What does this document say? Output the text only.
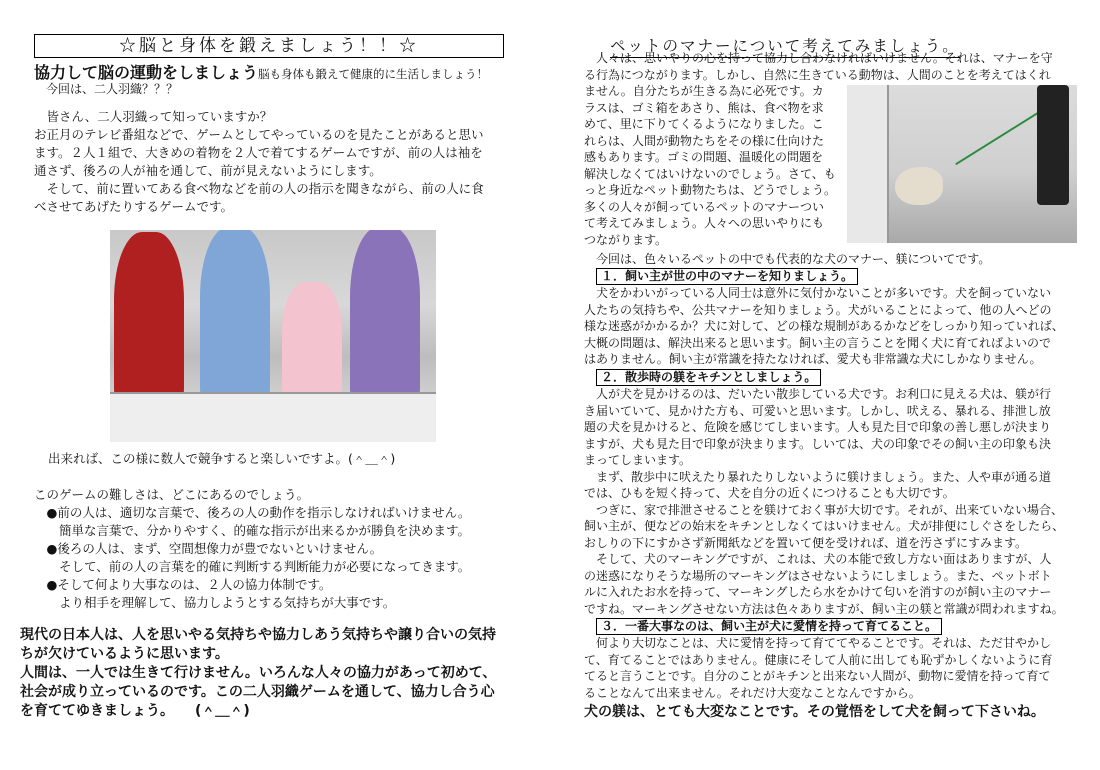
☆脳と身体を鍛えましょう！！☆
協力して脳の運動をしましょう脳も身体も鍛えて健康的に生活しましょう！
今回は、二人羽織？？？
　皆さん、二人羽織って知っていますか？
お正月のテレビ番組などで、ゲームとしてやっているのを見たことがあると思い
ます。２人１組で、大きめの着物を２人で着てするゲームですが、前の人は袖を
通さず、後ろの人が袖を通して、前が見えないようにします。
　そして、前に置いてある食べ物などを前の人の指示を聞きながら、前の人に食
べさせてあげたりするゲームです。
出来れば、この様に数人で競争すると楽しいですよ。(＾＿＾)
このゲームの難しさは、どこにあるのでしょう。
　●前の人は、適切な言葉で、後ろの人の動作を指示しなければいけません。
　　簡単な言葉で、分かりやすく、的確な指示が出来るかが勝負を決めます。
　●後ろの人は、まず、空間想像力が豊でないといけません。
　　そして、前の人の言葉を的確に判断する判断能力が必要になってきます。
　●そして何より大事なのは、２人の協力体制です。
　　より相手を理解して、協力しようとする気持ちが大事です。
現代の日本人は、人を思いやる気持ちや協力しあう気持ちや譲り合いの気持
ちが欠けているように思います。
人間は、一人では生きて行けません。いろんな人々の協力があって初めて、
社会が成り立っているのです。この二人羽織ゲームを通して、協力し合う心
を育ててゆきましょう。　　(＾＿＾)
ペットのマナーについて考えてみましょう。
　人々は、思いやりの心を持って協力し合わなければいけません。それは、マナーを守
る行為につながります。しかし、自然に生きている動物は、人間のことを考えてはくれ
ません。自分たちが生きる為に必死です。カ
ラスは、ゴミ箱をあさり、熊は、食べ物を求
めて、里に下りてくるようになりました。こ
れらは、人間が動物たちをその様に仕向けた
感もあります。ゴミの問題、温暖化の問題を
解決しなくてはいけないのでしょう。さて、も
っと身近なペット動物たちは、どうでしょう。
多くの人々が飼っているペットのマナーつい
て考えてみましょう。人々への思いやりにも
つながります。
　今回は、色々いるペットの中でも代表的な犬のマナー、躾についてです。
１．飼い主が世の中のマナーを知りましょう。
　犬をかわいがっている人同士は意外に気付かないことが多いです。犬を飼っていない
人たちの気持ちや、公共マナーを知りましょう。犬がいることによって、他の人へどの
様な迷惑がかかるか？犬に対して、どの様な規制があるかなどをしっかり知っていれば、
大概の問題は、解決出来ると思います。飼い主の言うことを聞く犬に育てればよいので
はありません。飼い主が常識を持たなければ、愛犬も非常識な犬にしかなりません。
２．散歩時の躾をキチンとしましょう。
　人が犬を見かけるのは、だいたい散歩している犬です。お利口に見える犬は、躾が行
き届いていて、見かけた方も、可愛いと思います。しかし、吠える、暴れる、排泄し放
題の犬を見かけると、危険を感じてしまいます。人も見た目で印象の善し悪しが決まり
ますが、犬も見た目で印象が決まります。しいては、犬の印象でその飼い主の印象も決
まってしまいます。
　まず、散歩中に吠えたり暴れたりしないように躾けましょう。また、人や車が通る道
では、ひもを短く持って、犬を自分の近くにつけることも大切です。
　つぎに、家で排泄させることを躾けておく事が大切です。それが、出来ていない場合、
飼い主が、便などの始末をキチンとしなくてはいけません。犬が排便にしぐさをしたら、
おしりの下にすかさず新聞紙などを置いて便を受ければ、道を汚さずにすみます。
　そして、犬のマーキングですが、これは、犬の本能で致し方ない面はありますが、人
の迷惑になりそうな場所のマーキングはさせないようにしましょう。また、ペットボト
ルに入れたお水を持って、マーキングしたら水をかけて匂いを消すのが飼い主のマナー
ですね。マーキングさせない方法は色々ありますが、飼い主の躾と常識が問われますね。
３．一番大事なのは、飼い主が犬に愛情を持って育てること。
　何より大切なことは、犬に愛情を持って育ててやることです。それは、ただ甘やかし
て、育てることではありません。健康にそして人前に出しても恥ずかしくないように育
てると言うことです。自分のことがキチンと出来ない人間が、動物に愛情を持って育て
ることなんて出来ません。それだけ大変なことなんですから。
犬の躾は、とても大変なことです。その覚悟をして犬を飼って下さいね。
